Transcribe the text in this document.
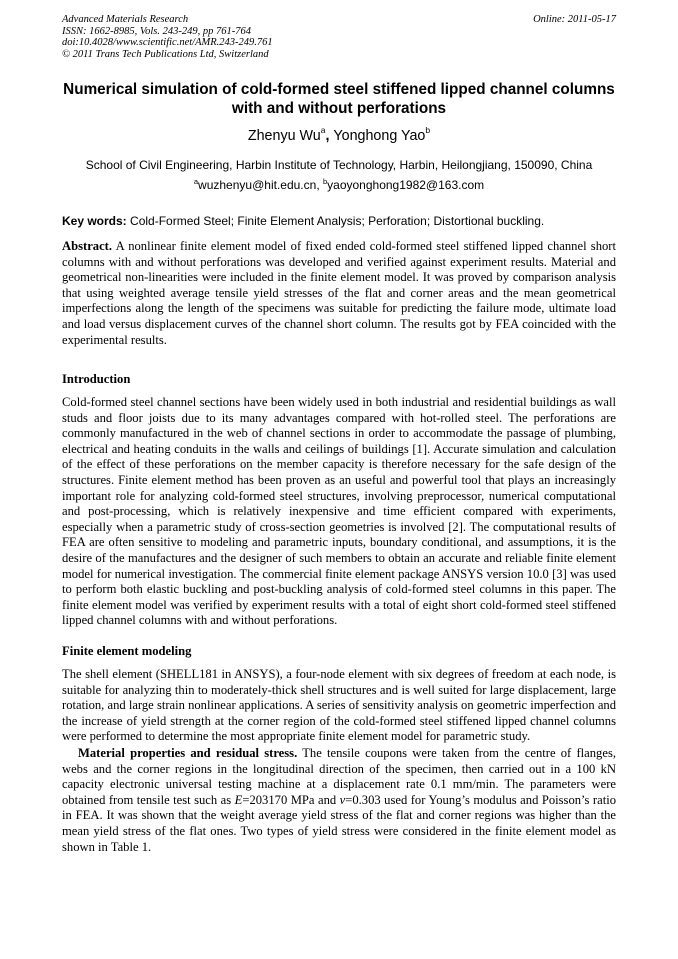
Advanced Materials Research
ISSN: 1662-8985, Vols. 243-249, pp 761-764
doi:10.4028/www.scientific.net/AMR.243-249.761
© 2011 Trans Tech Publications Ltd, Switzerland
Online: 2011-05-17
Numerical simulation of cold-formed steel stiffened lipped channel columns with and without perforations
Zhenyu Wu$^a$, Yonghong Yao$^b$
School of Civil Engineering, Harbin Institute of Technology, Harbin, Heilongjiang, 150090, China
$^a$wuzhenyu@hit.edu.cn, $^b$yaoyonghong1982@163.com
Key words: Cold-Formed Steel; Finite Element Analysis; Perforation; Distortional buckling.
Abstract. A nonlinear finite element model of fixed ended cold-formed steel stiffened lipped channel short columns with and without perforations was developed and verified against experiment results. Material and geometrical non-linearities were included in the finite element model. It was proved by comparison analysis that using weighted average tensile yield stresses of the flat and corner areas and the mean geometrical imperfections along the length of the specimens was suitable for predicting the failure mode, ultimate load and load versus displacement curves of the channel short column. The results got by FEA coincided with the experimental results.
Introduction
Cold-formed steel channel sections have been widely used in both industrial and residential buildings as wall studs and floor joists due to its many advantages compared with hot-rolled steel. The perforations are commonly manufactured in the web of channel sections in order to accommodate the passage of plumbing, electrical and heating conduits in the walls and ceilings of buildings [1]. Accurate simulation and calculation of the effect of these perforations on the member capacity is therefore necessary for the safe design of the structures. Finite element method has been proven as an useful and powerful tool that plays an increasingly important role for analyzing cold-formed steel structures, involving preprocessor, numerical computational and post-processing, which is relatively inexpensive and time efficient compared with experiments, especially when a parametric study of cross-section geometries is involved [2]. The computational results of FEA are often sensitive to modeling and parametric inputs, boundary conditional, and assumptions, it is the desire of the manufactures and the designer of such members to obtain an accurate and reliable finite element model for numerical investigation. The commercial finite element package ANSYS version 10.0 [3] was used to perform both elastic buckling and post-buckling analysis of cold-formed steel columns in this paper. The finite element model was verified by experiment results with a total of eight short cold-formed steel stiffened lipped channel columns with and without perforations.
Finite element modeling
The shell element (SHELL181 in ANSYS), a four-node element with six degrees of freedom at each node, is suitable for analyzing thin to moderately-thick shell structures and is well suited for large displacement, large rotation, and large strain nonlinear applications. A series of sensitivity analysis on geometric imperfection and the increase of yield strength at the corner region of the cold-formed steel stiffened lipped channel columns were performed to determine the most appropriate finite element model for parametric study.
Material properties and residual stress. The tensile coupons were taken from the centre of flanges, webs and the corner regions in the longitudinal direction of the specimen, then carried out in a 100 kN capacity electronic universal testing machine at a displacement rate 0.1 mm/min. The parameters were obtained from tensile test such as E=203170 MPa and ν=0.303 used for Young’s modulus and Poisson’s ratio in FEA. It was shown that the weight average yield stress of the flat and corner regions was higher than the mean yield stress of the flat ones. Two types of yield stress were considered in the finite element model as shown in Table 1.
